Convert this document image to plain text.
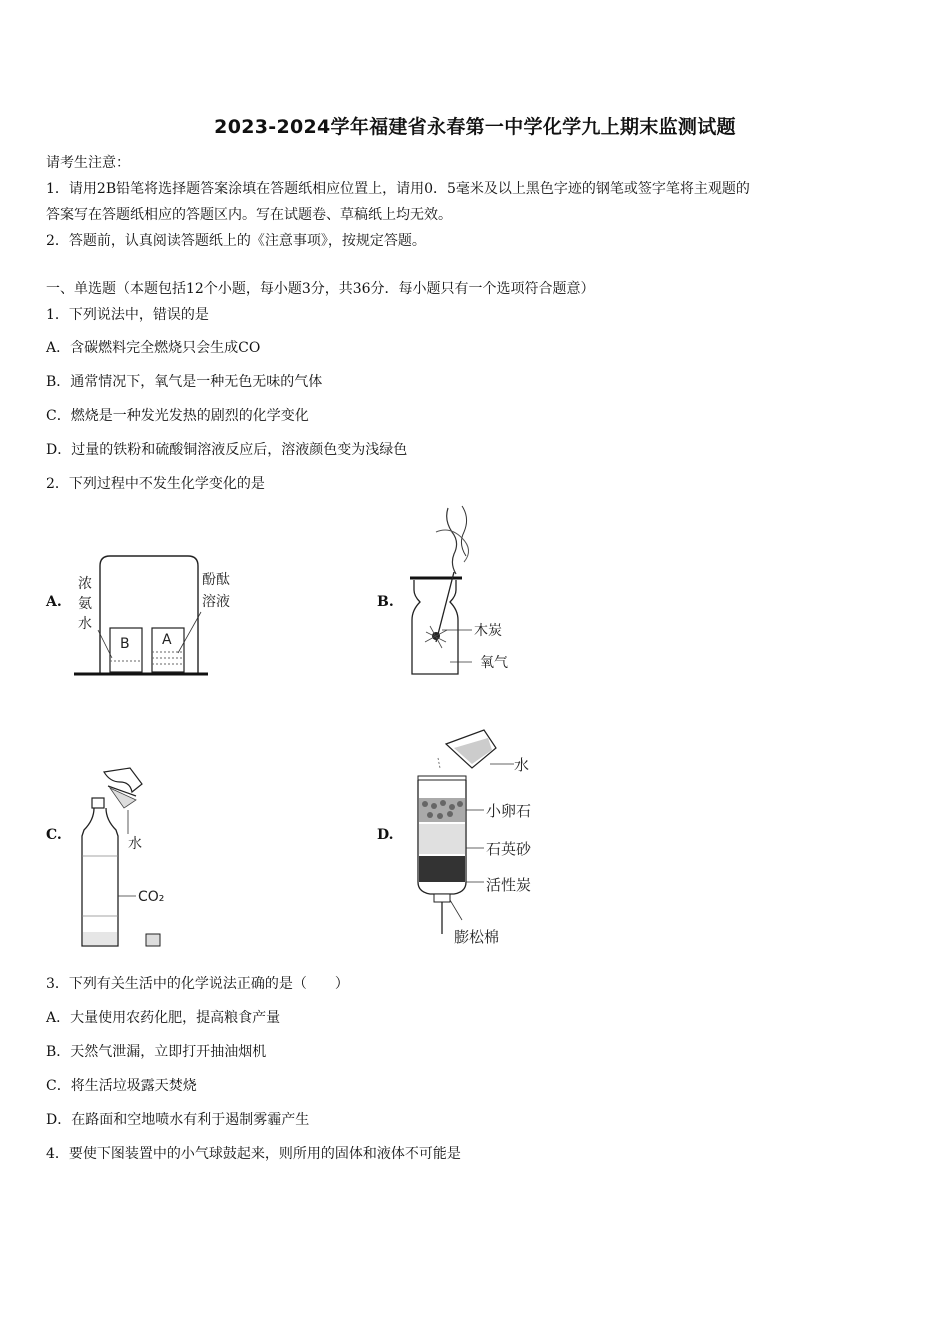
2023-2024学年福建省永春第一中学化学九上期末监测试题
请考生注意：
1．请用2B铅笔将选择题答案涂填在答题纸相应位置上，请用0．5毫米及以上黑色字迹的钢笔或签字笔将主观题的
答案写在答题纸相应的答题区内。写在试题卷、草稿纸上均无效。
2．答题前，认真阅读答题纸上的《注意事项》，按规定答题。
一、单选题（本题包括12个小题，每小题3分，共36分．每小题只有一个选项符合题意）
1．下列说法中，错误的是
A．含碳燃料完全燃烧只会生成CO
B．通常情况下，氧气是一种无色无味的气体
C．燃烧是一种发光发热的剧烈的化学变化
D．过量的铁粉和硫酸铜溶液反应后，溶液颜色变为浅绿色
2．下列过程中不发生化学变化的是
A.	B.
C.	D.
浓
氨
水
酚酞
溶液
B A
木炭
氧气
水
CO₂
水
小卵石
石英砂
活性炭
膨松棉
3．下列有关生活中的化学说法正确的是（　　）
A．大量使用农药化肥，提高粮食产量
B．天然气泄漏，立即打开抽油烟机
C．将生活垃圾露天焚烧
D．在路面和空地喷水有利于遏制雾霾产生
4．要使下图装置中的小气球鼓起来，则所用的固体和液体不可能是
